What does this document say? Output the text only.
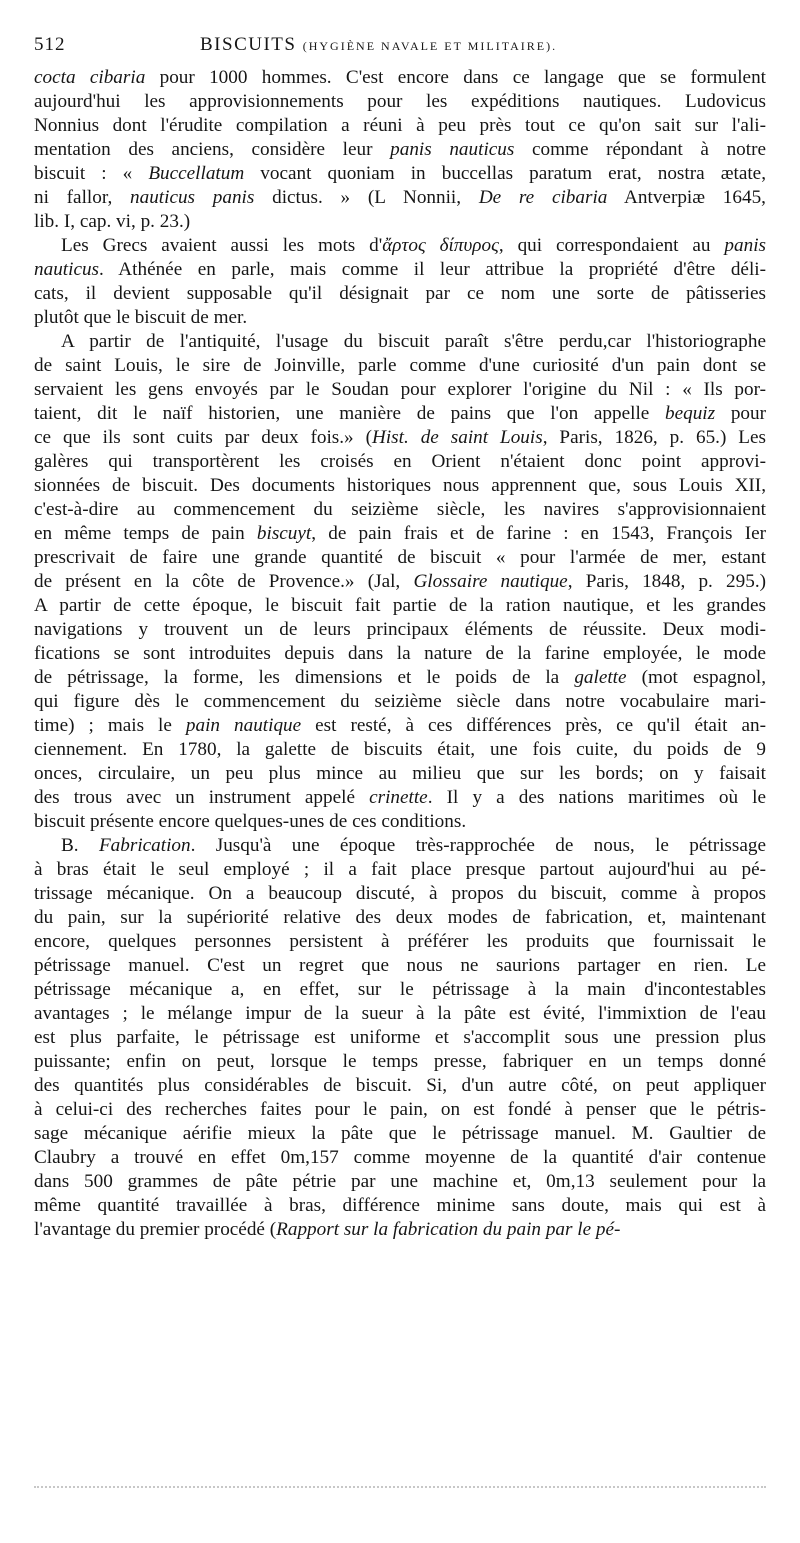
512	BISCUITS (HYGIÈNE NAVALE ET MILITAIRE).
cocta cibaria pour 1000 hommes. C'est encore dans ce langage que se formulent
aujourd'hui les approvisionnements pour les expéditions nautiques. Ludovicus
Nonnius dont l'érudite compilation a réuni à peu près tout ce qu'on sait sur l'ali-
mentation des anciens, considère leur panis nauticus comme répondant à notre
biscuit : « Buccellatum vocant quoniam in buccellas paratum erat, nostra ætate,
ni fallor, nauticus panis dictus. » (L Nonnii, De re cibaria Antverpiæ 1645,
lib. I, cap. vi, p. 23.)
Les Grecs avaient aussi les mots d'ἄρτος δίπυρος, qui correspondaient au panis
nauticus. Athénée en parle, mais comme il leur attribue la propriété d'être déli-
cats, il devient supposable qu'il désignait par ce nom une sorte de pâtisseries
plutôt que le biscuit de mer.
A partir de l'antiquité, l'usage du biscuit paraît s'être perdu,car l'historiographe
de saint Louis, le sire de Joinville, parle comme d'une curiosité d'un pain dont se
servaient les gens envoyés par le Soudan pour explorer l'origine du Nil : « Ils por-
taient, dit le naïf historien, une manière de pains que l'on appelle bequiz pour
ce que ils sont cuits par deux fois.» (Hist. de saint Louis, Paris, 1826, p. 65.) Les
galères qui transportèrent les croisés en Orient n'étaient donc point approvi-
sionnées de biscuit. Des documents historiques nous apprennent que, sous Louis XII,
c'est-à-dire au commencement du seizième siècle, les navires s'approvisionnaient
en même temps de pain biscuyt, de pain frais et de farine : en 1543, François Ier
prescrivait de faire une grande quantité de biscuit « pour l'armée de mer, estant
de présent en la côte de Provence.» (Jal, Glossaire nautique, Paris, 1848, p. 295.)
A partir de cette époque, le biscuit fait partie de la ration nautique, et les grandes
navigations y trouvent un de leurs principaux éléments de réussite. Deux modi-
fications se sont introduites depuis dans la nature de la farine employée, le mode
de pétrissage, la forme, les dimensions et le poids de la galette (mot espagnol,
qui figure dès le commencement du seizième siècle dans notre vocabulaire mari-
time) ; mais le pain nautique est resté, à ces différences près, ce qu'il était an-
ciennement. En 1780, la galette de biscuits était, une fois cuite, du poids de 9
onces, circulaire, un peu plus mince au milieu que sur les bords; on y faisait
des trous avec un instrument appelé crinette. Il y a des nations maritimes où le
biscuit présente encore quelques-unes de ces conditions.
B. Fabrication. Jusqu'à une époque très-rapprochée de nous, le pétrissage
à bras était le seul employé ; il a fait place presque partout aujourd'hui au pé-
trissage mécanique. On a beaucoup discuté, à propos du biscuit, comme à propos
du pain, sur la supériorité relative des deux modes de fabrication, et, maintenant
encore, quelques personnes persistent à préférer les produits que fournissait le
pétrissage manuel. C'est un regret que nous ne saurions partager en rien. Le
pétrissage mécanique a, en effet, sur le pétrissage à la main d'incontestables
avantages ; le mélange impur de la sueur à la pâte est évité, l'immixtion de l'eau
est plus parfaite, le pétrissage est uniforme et s'accomplit sous une pression plus
puissante; enfin on peut, lorsque le temps presse, fabriquer en un temps donné
des quantités plus considérables de biscuit. Si, d'un autre côté, on peut appliquer
à celui-ci des recherches faites pour le pain, on est fondé à penser que le pétris-
sage mécanique aérifie mieux la pâte que le pétrissage manuel. M. Gaultier de
Claubry a trouvé en effet 0m,157 comme moyenne de la quantité d'air contenue
dans 500 grammes de pâte pétrie par une machine et, 0m,13 seulement pour la
même quantité travaillée à bras, différence minime sans doute, mais qui est à
l'avantage du premier procédé (Rapport sur la fabrication du pain par le pé-
